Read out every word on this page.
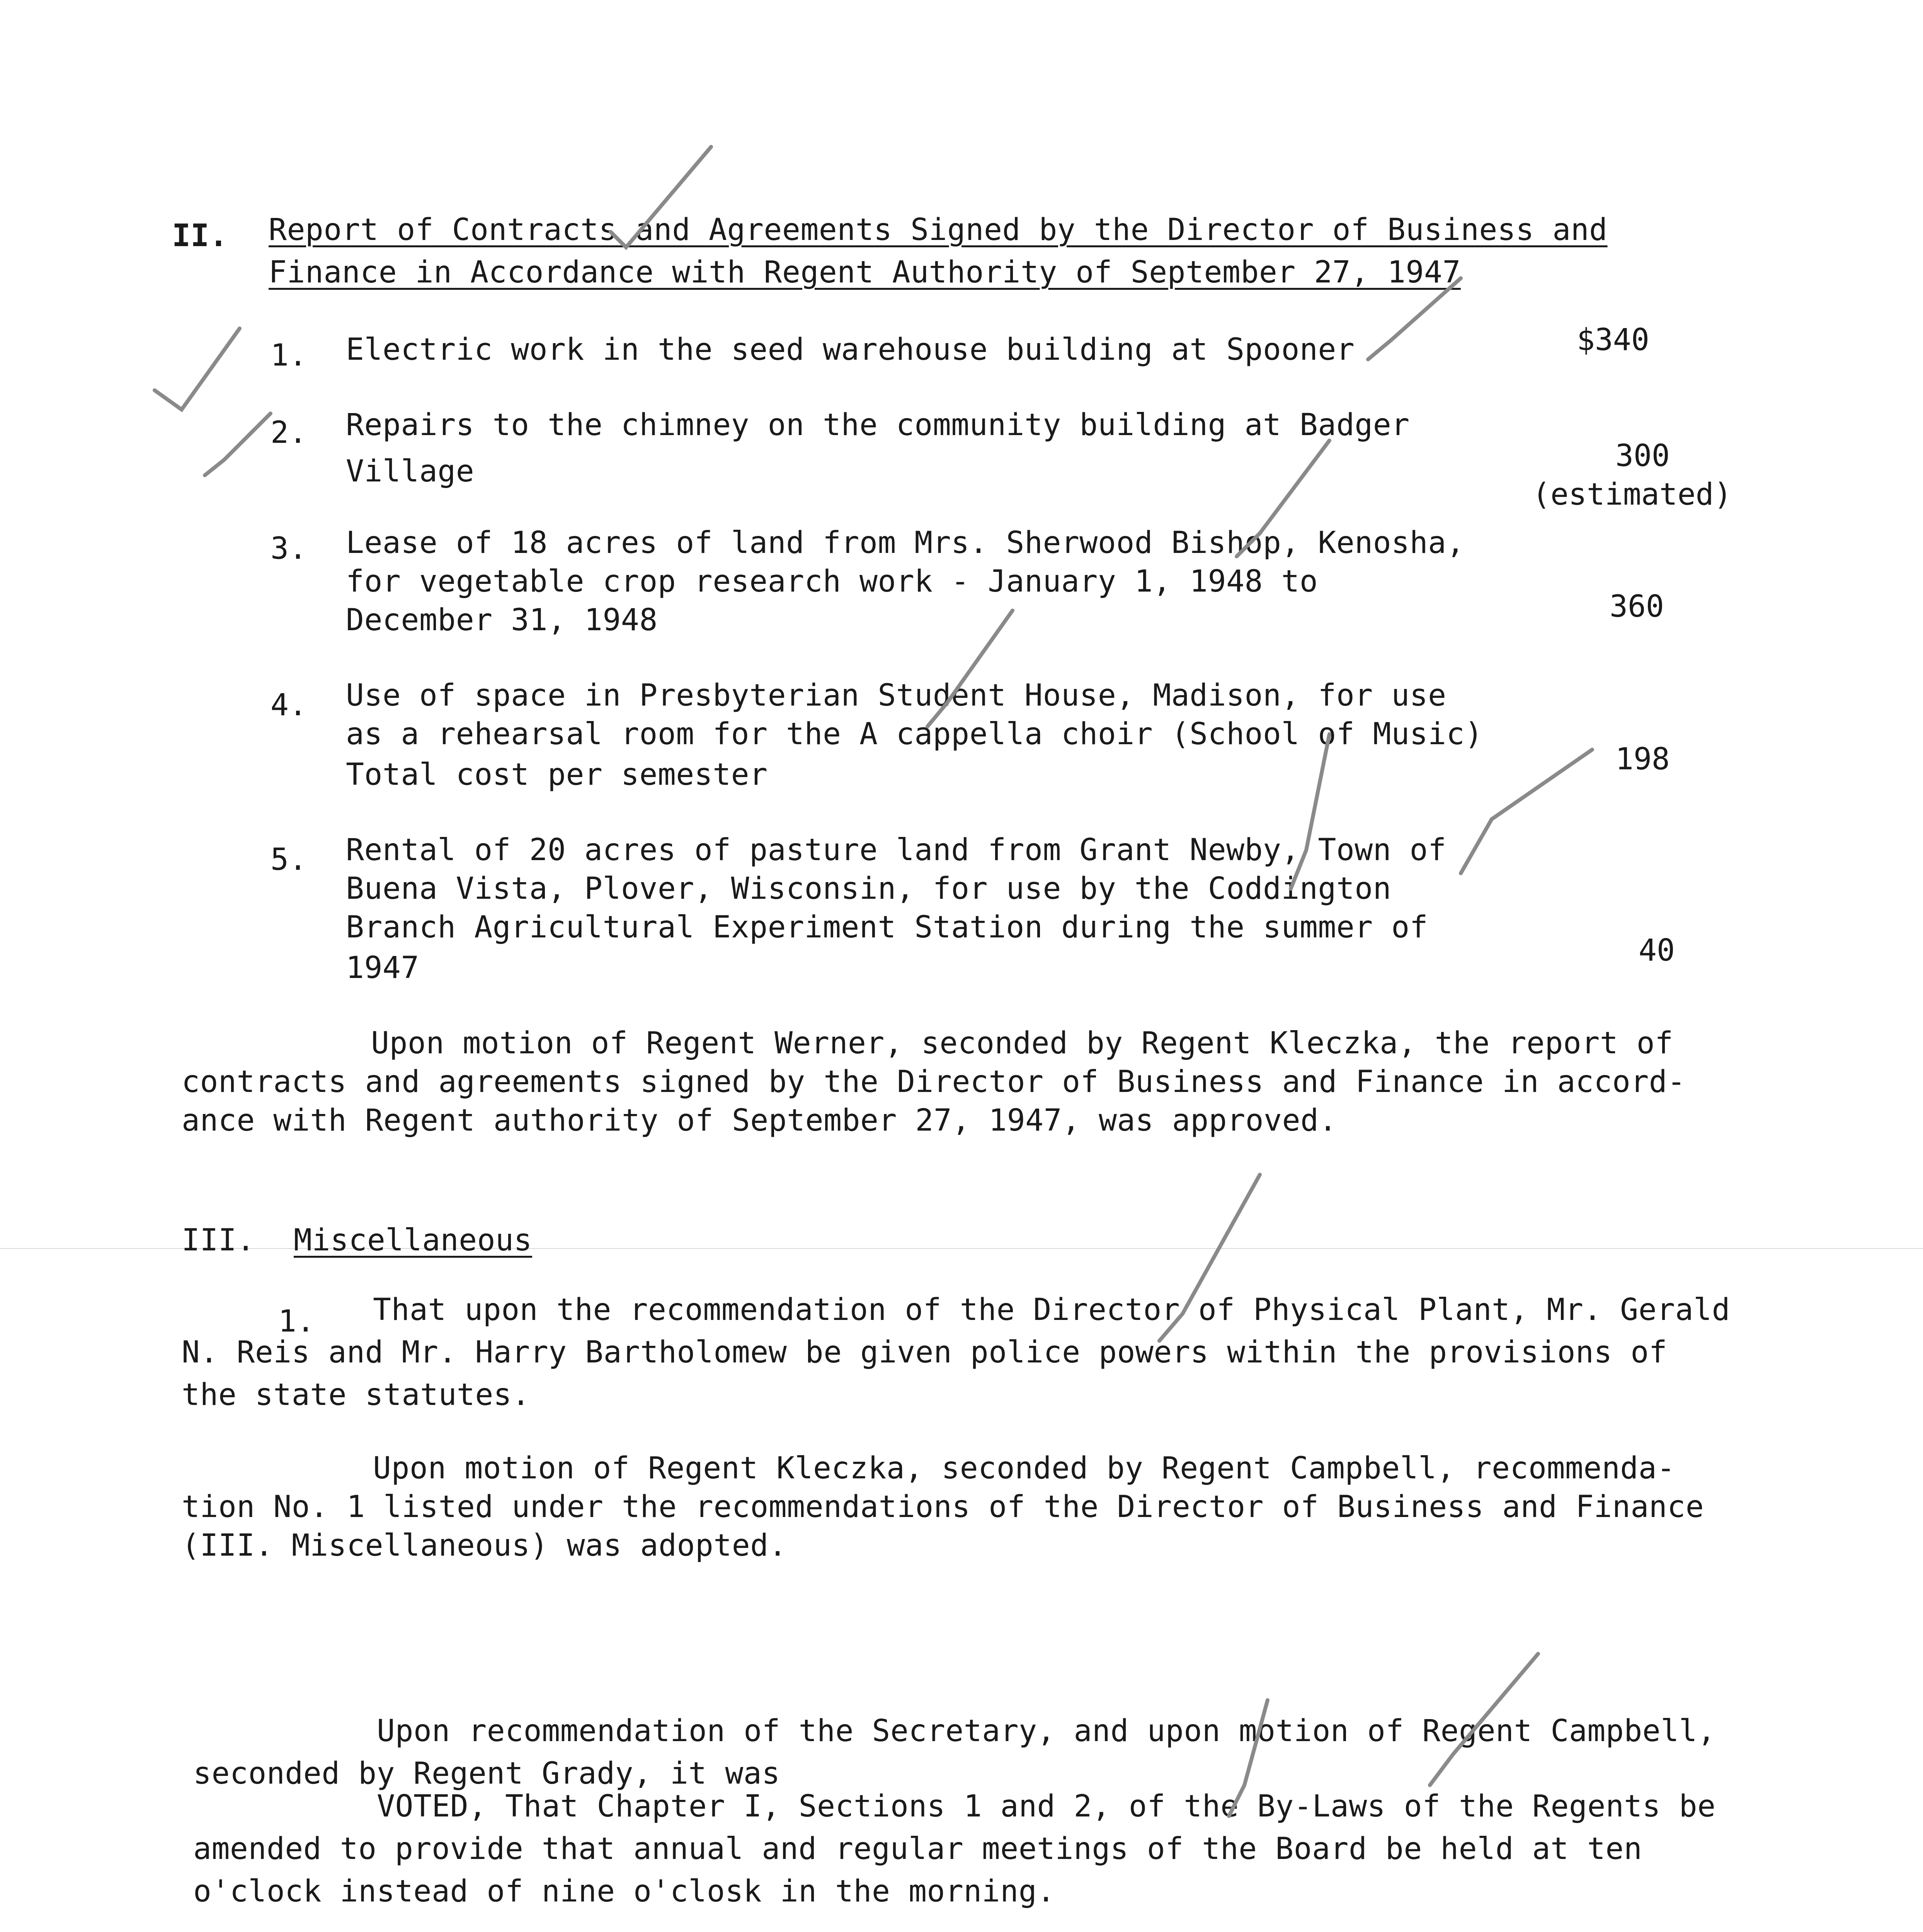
II. Report of Contracts and Agreements Signed by the Director of Business and
Finance in Accordance with Regent Authority of September 27, 1947
1. Electric work in the seed warehouse building at Spooner	$340
2. Repairs to the chimney on the community building at Badger
Village	300
(estimated)
3. Lease of 18 acres of land from Mrs. Sherwood Bishop, Kenosha,
for vegetable crop research work - January 1, 1948 to
December 31, 1948	360
4. Use of space in Presbyterian Student House, Madison, for use
as a rehearsal room for the A cappella choir (School of Music)
Total cost per semester	198
5. Rental of 20 acres of pasture land from Grant Newby, Town of
Buena Vista, Plover, Wisconsin, for use by the Coddington
Branch Agricultural Experiment Station during the summer of
1947	40
Upon motion of Regent Werner, seconded by Regent Kleczka, the report of
contracts and agreements signed by the Director of Business and Finance in accord-
ance with Regent authority of September 27, 1947, was approved.
III. Miscellaneous
1. That upon the recommendation of the Director of Physical Plant, Mr. Gerald
N. Reis and Mr. Harry Bartholomew be given police powers within the provisions of
the state statutes.
Upon motion of Regent Kleczka, seconded by Regent Campbell, recommenda-
tion No. 1 listed under the recommendations of the Director of Business and Finance
(III. Miscellaneous) was adopted.
Upon recommendation of the Secretary, and upon motion of Regent Campbell,
seconded by Regent Grady, it was
VOTED, That Chapter I, Sections 1 and 2, of the By-Laws of the Regents be
amended to provide that annual and regular meetings of the Board be held at ten
o'clock instead of nine o'closk in the morning.
